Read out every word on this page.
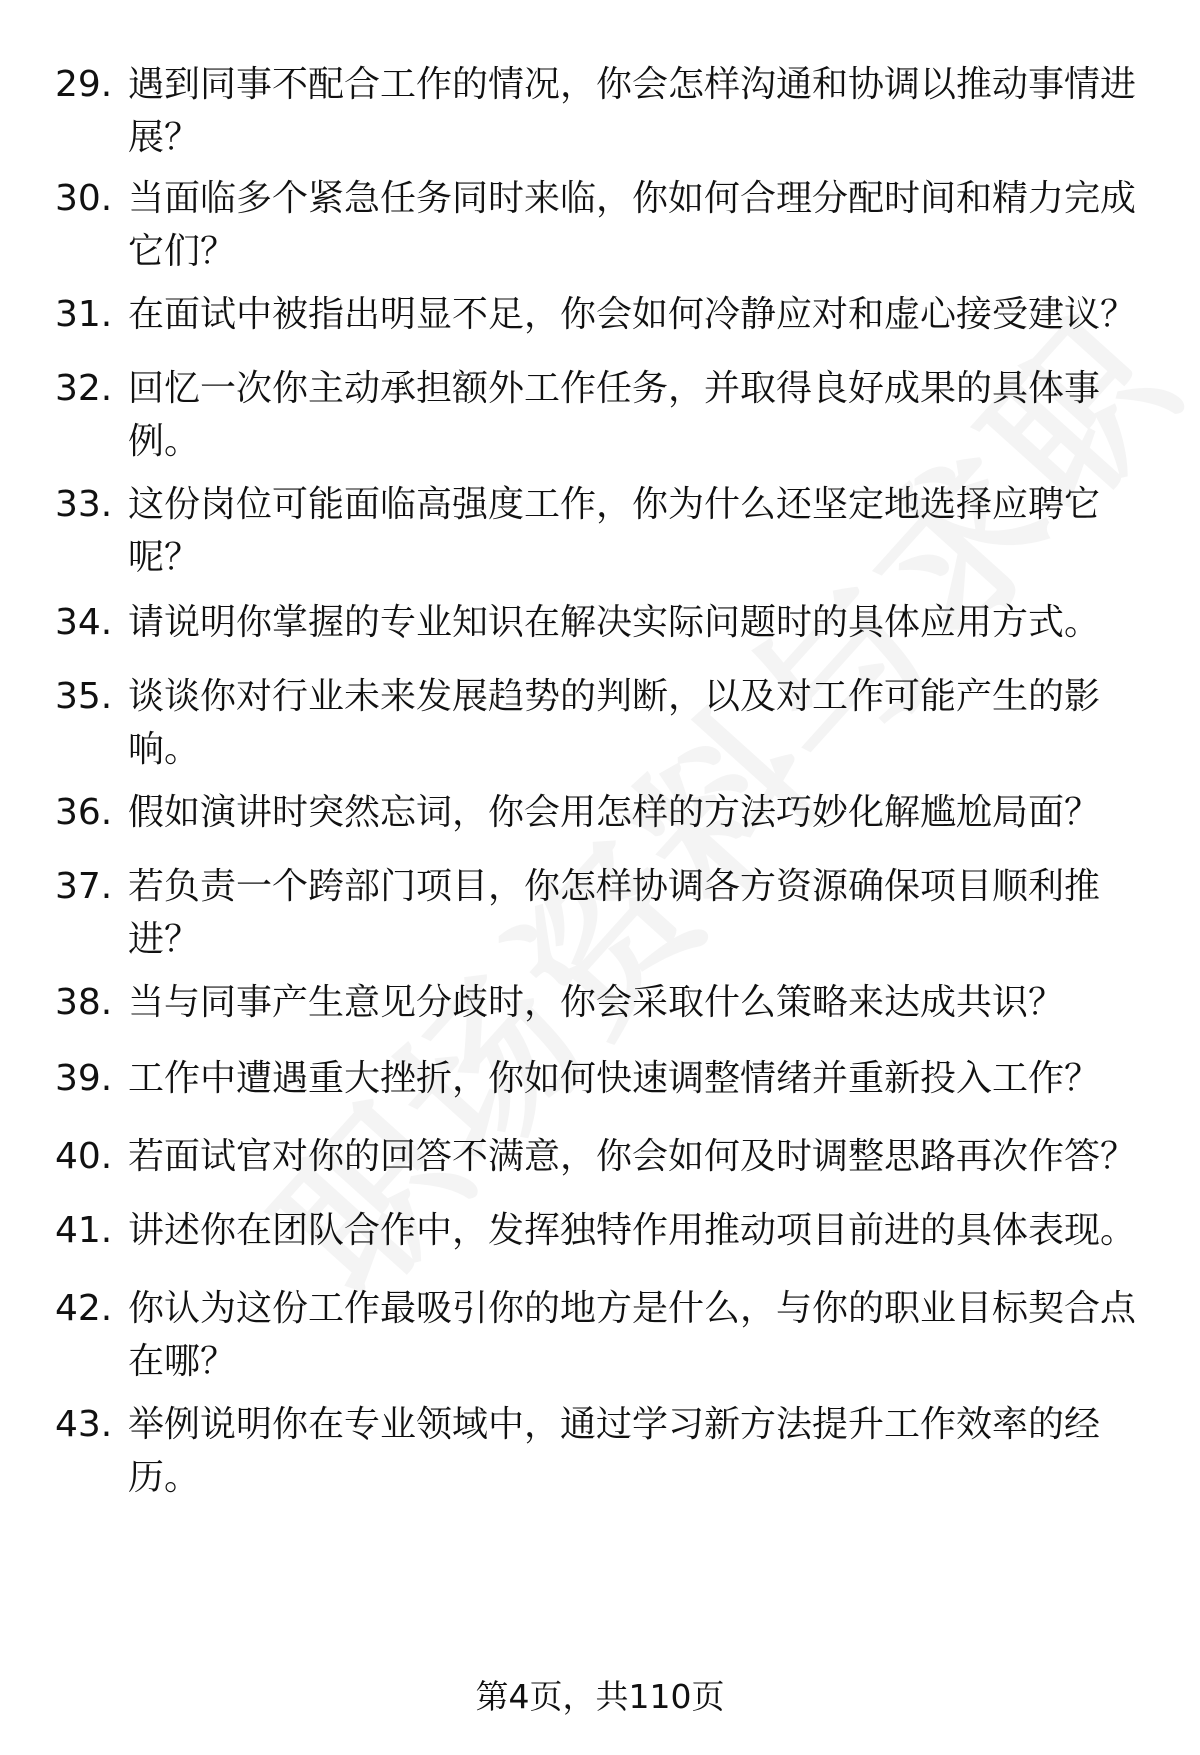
29. 遇到同事不配合工作的情况，你会怎样沟通和协调以推动事情进展？
30. 当面临多个紧急任务同时来临，你如何合理分配时间和精力完成它们？
31. 在面试中被指出明显不足，你会如何冷静应对和虚心接受建议？
32. 回忆一次你主动承担额外工作任务，并取得良好成果的具体事例。
33. 这份岗位可能面临高强度工作，你为什么还坚定地选择应聘它呢？
34. 请说明你掌握的专业知识在解决实际问题时的具体应用方式。
35. 谈谈你对行业未来发展趋势的判断，以及对工作可能产生的影响。
36. 假如演讲时突然忘词，你会用怎样的方法巧妙化解尴尬局面？
37. 若负责一个跨部门项目，你怎样协调各方资源确保项目顺利推进？
38. 当与同事产生意见分歧时，你会采取什么策略来达成共识？
39. 工作中遭遇重大挫折，你如何快速调整情绪并重新投入工作？
40. 若面试官对你的回答不满意，你会如何及时调整思路再次作答？
41. 讲述你在团队合作中，发挥独特作用推动项目前进的具体表现。
42. 你认为这份工作最吸引你的地方是什么，与你的职业目标契合点在哪？
43. 举例说明你在专业领域中，通过学习新方法提升工作效率的经历。
第4页，共110页
